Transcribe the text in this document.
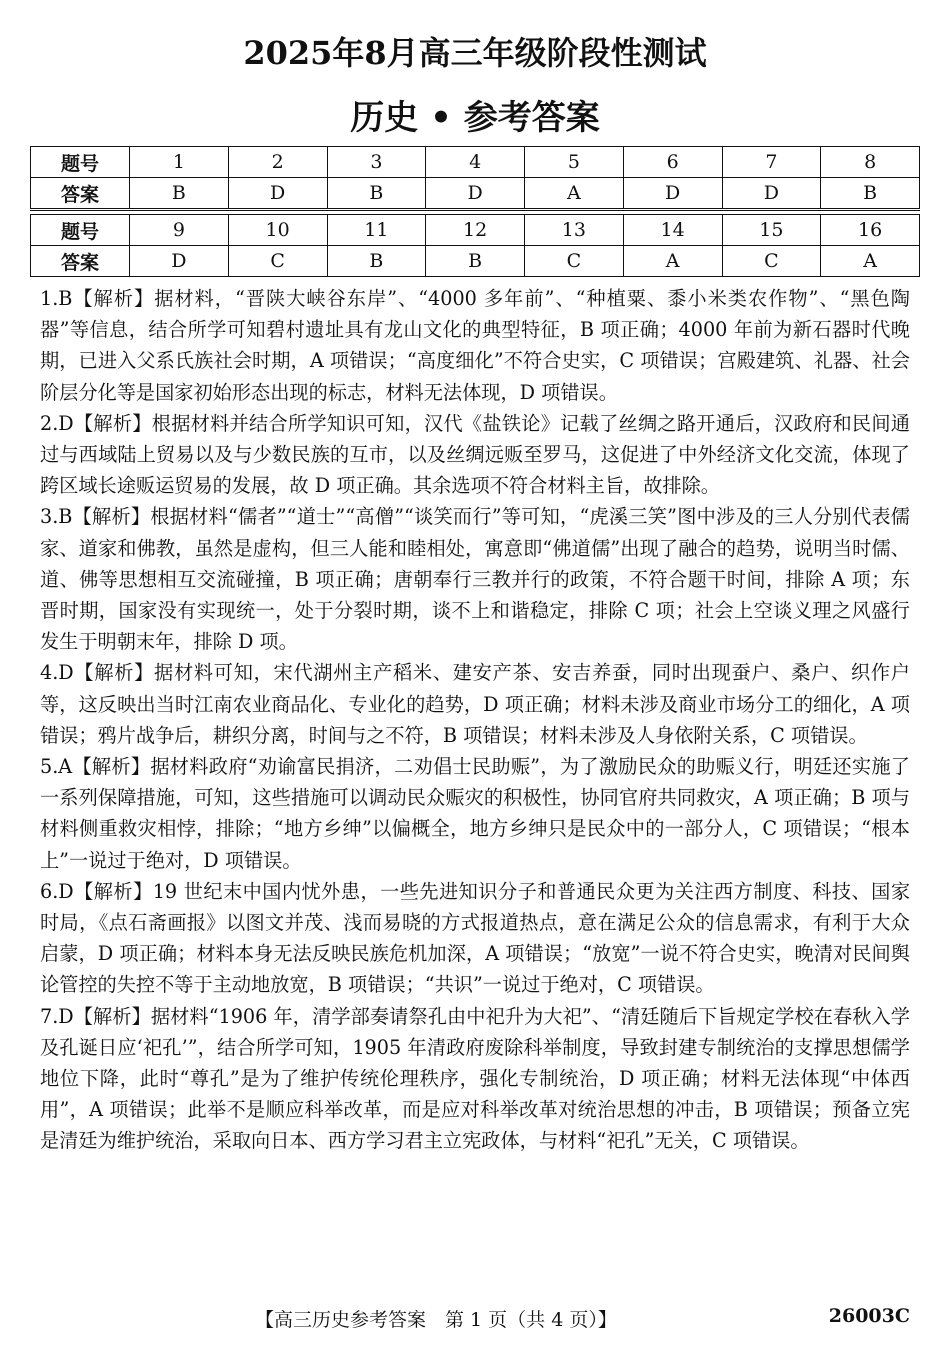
2025年8月高三年级阶段性测试
历史 • 参考答案
题号	1	2	3	4	5	6	7	8
答案	B	D	B	D	A	D	D	B
题号	9	10	11	12	13	14	15	16
答案	D	C	B	B	C	A	C	A

1.B【解析】据材料，“晋陕大峡谷东岸”、“4000 多年前”、“种植粟、黍小米类农作物”、“黑色陶器”等信息，结合所学可知碧村遗址具有龙山文化的典型特征，B 项正确；4000 年前为新石器时代晚期，已进入父系氏族社会时期，A 项错误；“高度细化”不符合史实，C 项错误；宫殿建筑、礼器、社会阶层分化等是国家初始形态出现的标志，材料无法体现，D 项错误。

2.D【解析】根据材料并结合所学知识可知，汉代《盐铁论》记载了丝绸之路开通后，汉政府和民间通过与西域陆上贸易以及与少数民族的互市，以及丝绸远贩至罗马，这促进了中外经济文化交流，体现了跨区域长途贩运贸易的发展，故 D 项正确。其余选项不符合材料主旨，故排除。

3.B【解析】根据材料“儒者”“道士”“高僧”“谈笑而行”等可知，“虎溪三笑”图中涉及的三人分别代表儒家、道家和佛教，虽然是虚构，但三人能和睦相处，寓意即“佛道儒”出现了融合的趋势，说明当时儒、道、佛等思想相互交流碰撞，B 项正确；唐朝奉行三教并行的政策，不符合题干时间，排除 A 项；东晋时期，国家没有实现统一，处于分裂时期，谈不上和谐稳定，排除 C 项；社会上空谈义理之风盛行发生于明朝末年，排除 D 项。

4.D【解析】据材料可知，宋代湖州主产稻米、建安产茶、安吉养蚕，同时出现蚕户、桑户、织作户等，这反映出当时江南农业商品化、专业化的趋势，D 项正确；材料未涉及商业市场分工的细化，A 项错误；鸦片战争后，耕织分离，时间与之不符，B 项错误；材料未涉及人身依附关系，C 项错误。

5.A【解析】据材料政府“劝谕富民捐济，二劝倡士民助赈”，为了激励民众的助赈义行，明廷还实施了一系列保障措施，可知，这些措施可以调动民众赈灾的积极性，协同官府共同救灾，A 项正确；B 项与材料侧重救灾相悖，排除；“地方乡绅”以偏概全，地方乡绅只是民众中的一部分人，C 项错误；“根本上”一说过于绝对，D 项错误。

6.D【解析】19 世纪末中国内忧外患，一些先进知识分子和普通民众更为关注西方制度、科技、国家时局，《点石斋画报》以图文并茂、浅而易晓的方式报道热点，意在满足公众的信息需求，有利于大众启蒙，D 项正确；材料本身无法反映民族危机加深，A 项错误；“放宽”一说不符合史实，晚清对民间舆论管控的失控不等于主动地放宽，B 项错误；“共识”一说过于绝对，C 项错误。

7.D【解析】据材料“1906 年，清学部奏请祭孔由中祀升为大祀”、“清廷随后下旨规定学校在春秋入学及孔诞日应‘祀孔’”，结合所学可知，1905 年清政府废除科举制度，导致封建专制统治的支撑思想儒学地位下降，此时“尊孔”是为了维护传统伦理秩序，强化专制统治，D 项正确；材料无法体现“中体西用”，A 项错误；此举不是顺应科举改革，而是应对科举改革对统治思想的冲击，B 项错误；预备立宪是清廷为维护统治，采取向日本、西方学习君主立宪政体，与材料“祀孔”无关，C 项错误。

【高三历史参考答案　第 1 页（共 4 页）】	26003C
